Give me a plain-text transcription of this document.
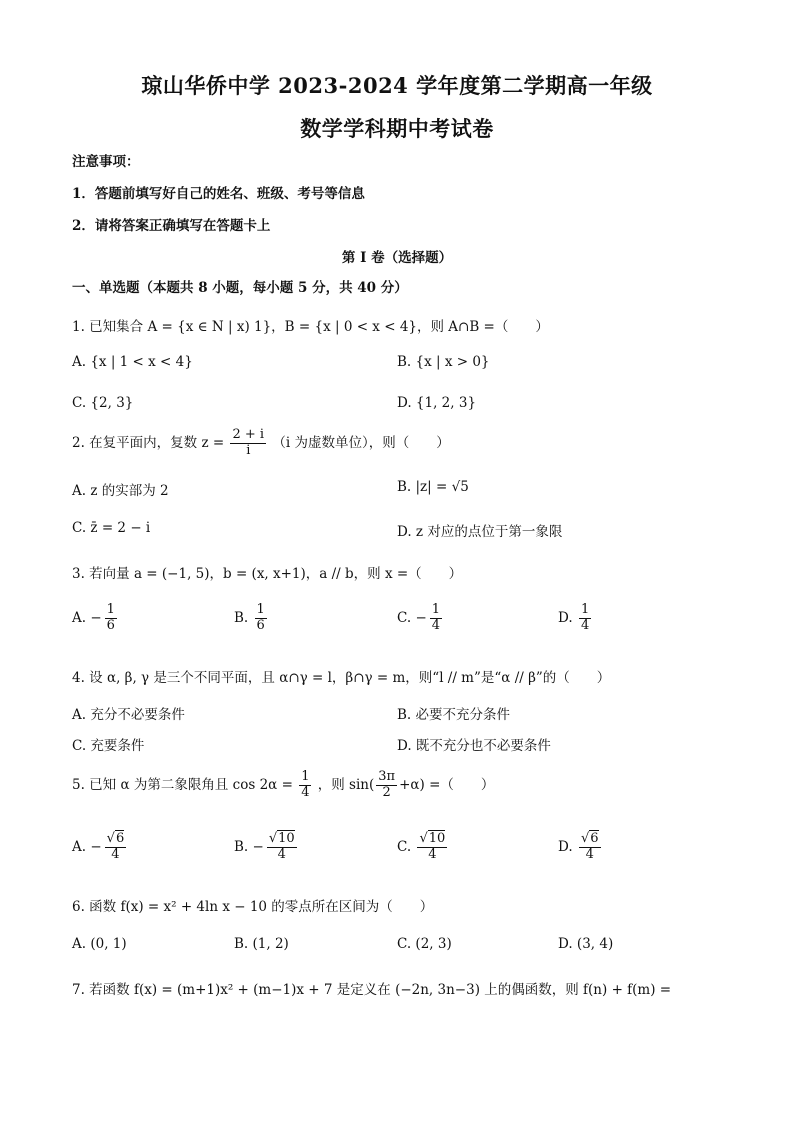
琼山华侨中学 2023-2024 学年度第二学期高一年级
数学学科期中考试卷
注意事项：
1．答题前填写好自己的姓名、班级、考号等信息
2．请将答案正确填写在答题卡上
第 I 卷（选择题）
一、单选题（本题共 8 小题，每小题 5 分，共 40 分）
1. 已知集合 A = {x ∈ N | x) 1}，B = {x | 0 < x < 4}，则 A∩B =（　　）
A. {x | 1 < x < 4}	B. {x | x > 0}
C. {2, 3}	D. {1, 2, 3}
2. 在复平面内，复数 $z = \frac{2 + i}{i} (i$ 为虚数单位），则（　　）
A. z 的实部为 2	B. |z| = √5
C. z̄ = 2 − i	D. z 对应的点位于第一象限
3. 若向量 a = (−1, 5)，b = (x, x+1)，a // b，则 x =（　　）
A. − $\frac{1}{6}$	B. $\frac{1}{6}$	C. − $\frac{1}{4}$	D. $\frac{1}{4}$
4. 设 α, β, γ 是三个不同平面，且 α∩γ = l，β∩γ = m，则“l // m”是“α // β”的（　　）
A. 充分不必要条件	B. 必要不充分条件
C. 充要条件	D. 既不充分也不必要条件
5. 已知 α 为第二象限角且 $\cos 2\alpha = \frac{1}{4}$ ，则 $\sin( \frac{3\pi}{2} +\alpha)$ =（　　）
A. − $\frac{√6}{4}$	B. − $\frac{√10}{4}$	C. $\frac{√10}{4}$	D. $\frac{√6}{4}$
6. 函数 f(x) = x² + 4ln x − 10 的零点所在区间为（　　）
A. (0, 1)	B. (1, 2)	C. (2, 3)	D. (3, 4)
7. 若函数 f(x) = (m+1)x² + (m−1)x + 7 是定义在 (−2n, 3n−3) 上的偶函数，则 f(n) + f(m) =
